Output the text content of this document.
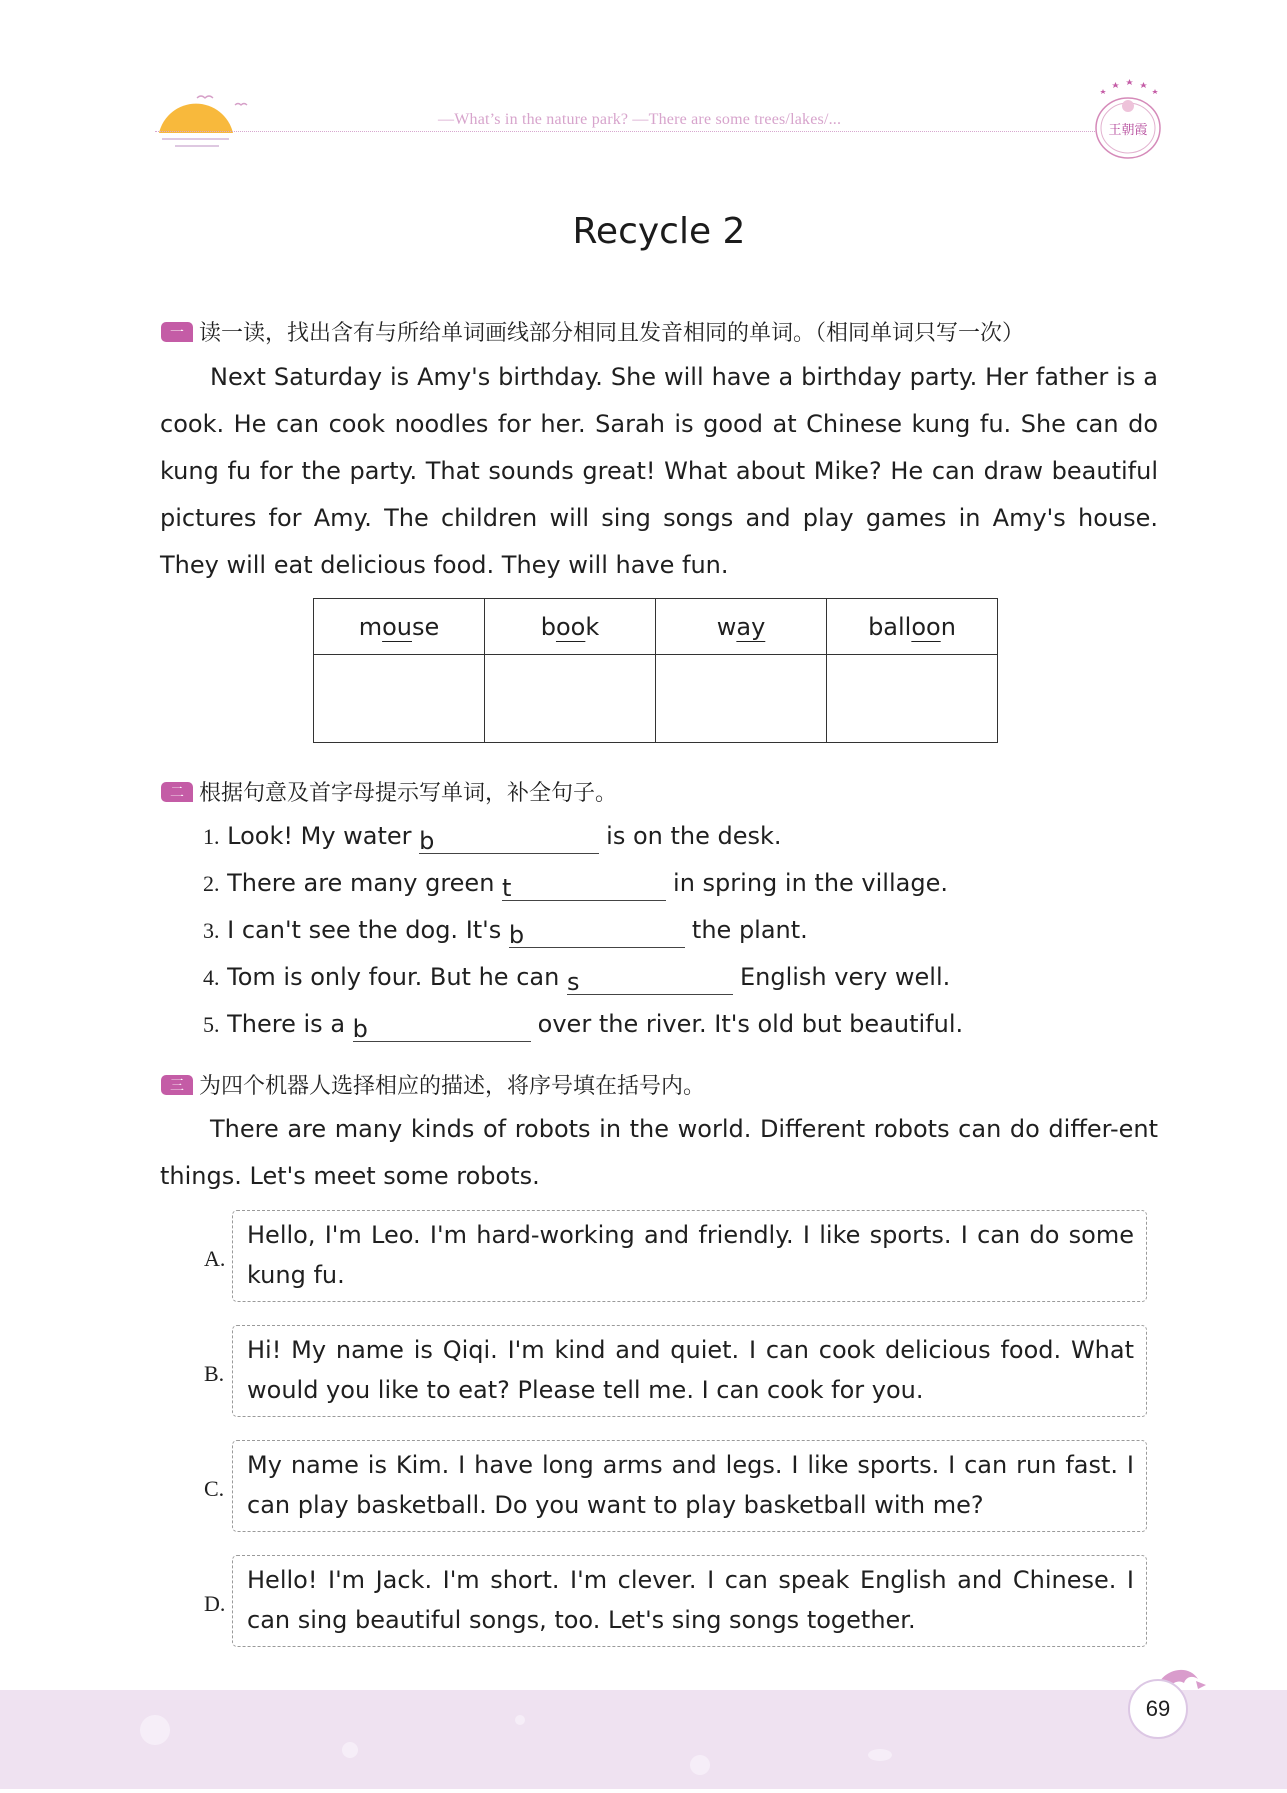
—What’s in the nature park? —There are some trees/lakes/...
王朝霞
Recycle 2
一 读一读，找出含有与所给单词画线部分相同且发音相同的单词。（相同单词只写一次）
Next Saturday is Amy's birthday. She will have a birthday party. Her father is a cook. He can cook noodles for her. Sarah is good at Chinese kung fu. She can do kung fu for the party. That sounds great! What about Mike? He can draw beautiful pictures for Amy. The children will sing songs and play games in Amy's house. They will eat delicious food. They will have fun.
mouse	book	way	balloon

二 根据句意及首字母提示写单词，补全句子。
1. Look! My water b	is on the desk.
2. There are many green t	in spring in the village.
3. I can't see the dog. It's b	the plant.
4. Tom is only four. But he can s	English very well.
5. There is a b	over the river. It's old but beautiful.
三 为四个机器人选择相应的描述，将序号填在括号内。
There are many kinds of robots in the world. Different robots can do differ-ent things. Let's meet some robots.
A.
Hello, I'm Leo. I'm hard-working and friendly. I like sports. I can do some kung fu.
B.
Hi! My name is Qiqi. I'm kind and quiet. I can cook delicious food. What would you like to eat? Please tell me. I can cook for you.
C.
My name is Kim. I have long arms and legs. I like sports. I can run fast. I can play basketball. Do you want to play basketball with me?
D.
Hello! I'm Jack. I'm short. I'm clever. I can speak English and Chinese. I can sing beautiful songs, too. Let's sing songs together.
69
